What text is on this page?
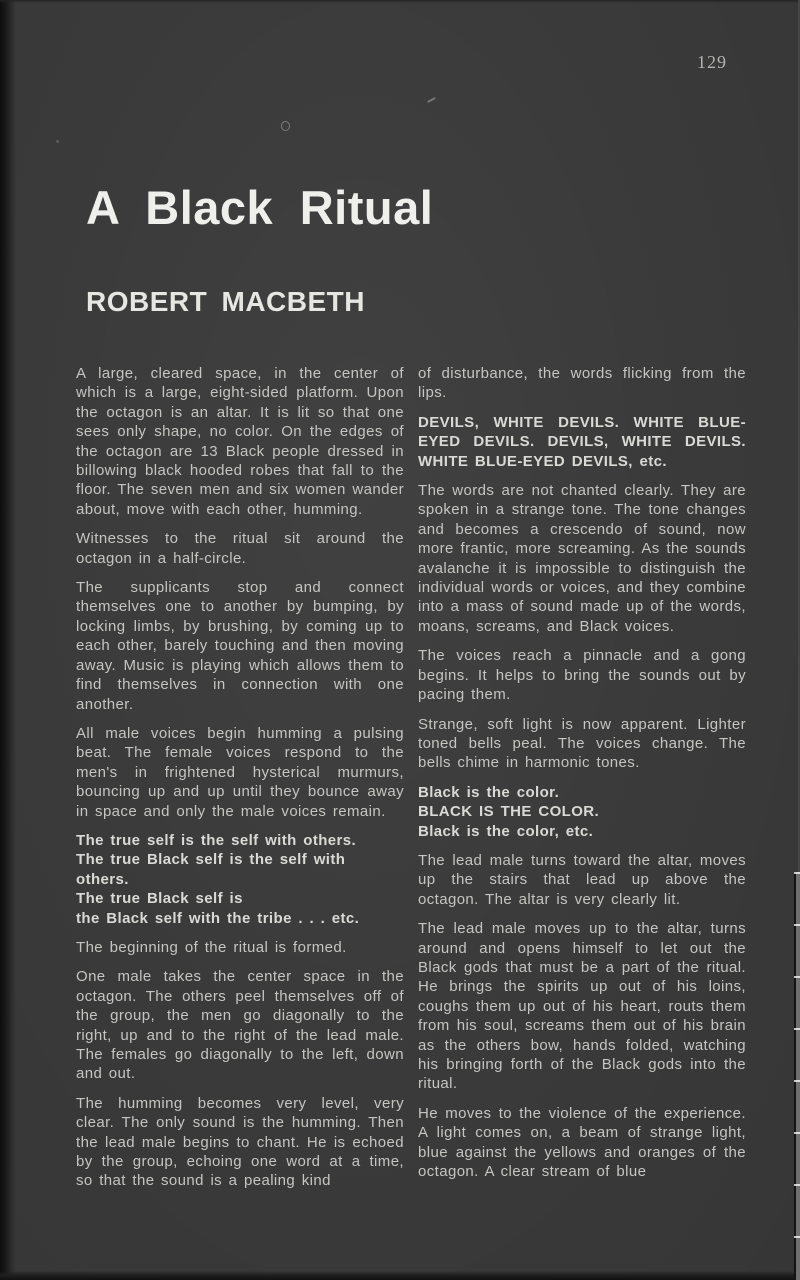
129
A Black Ritual
ROBERT MACBETH

A large, cleared space, in the center of which is a large, eight-sided platform. Upon the octagon is an altar. It is lit so that one sees only shape, no color. On the edges of the octagon are 13 Black people dressed in billowing black hooded robes that fall to the floor. The seven men and six women wander about, move with each other, humming.

Witnesses to the ritual sit around the octagon in a half-circle.

The supplicants stop and connect themselves one to another by bumping, by locking limbs, by brushing, by coming up to each other, barely touching and then moving away. Music is playing which allows them to find themselves in connection with one another.

All male voices begin humming a pulsing beat. The female voices respond to the men's in frightened hysterical murmurs, bouncing up and up until they bounce away in space and only the male voices remain.

The true self is the self with others.
The true Black self is the self with others.
The true Black self is
the Black self with the tribe . . . etc.

The beginning of the ritual is formed.

One male takes the center space in the octagon. The others peel themselves off of the group, the men go diagonally to the right, up and to the right of the lead male. The females go diagonally to the left, down and out.

The humming becomes very level, very clear. The only sound is the humming. Then the lead male begins to chant. He is echoed by the group, echoing one word at a time, so that the sound is a pealing kind

of disturbance, the words flicking from the lips.

DEVILS, WHITE DEVILS. WHITE BLUE-EYED DEVILS. DEVILS, WHITE DEVILS. WHITE BLUE-EYED DEVILS, etc.

The words are not chanted clearly. They are spoken in a strange tone. The tone changes and becomes a crescendo of sound, now more frantic, more screaming. As the sounds avalanche it is impossible to distinguish the individual words or voices, and they combine into a mass of sound made up of the words, moans, screams, and Black voices.

The voices reach a pinnacle and a gong begins. It helps to bring the sounds out by pacing them.

Strange, soft light is now apparent. Lighter toned bells peal. The voices change. The bells chime in harmonic tones.

Black is the color.
BLACK IS THE COLOR.
Black is the color, etc.

The lead male turns toward the altar, moves up the stairs that lead up above the octagon. The altar is very clearly lit.

The lead male moves up to the altar, turns around and opens himself to let out the Black gods that must be a part of the ritual. He brings the spirits up out of his loins, coughs them up out of his heart, routs them from his soul, screams them out of his brain as the others bow, hands folded, watching his bringing forth of the Black gods into the ritual.

He moves to the violence of the experience. A light comes on, a beam of strange light, blue against the yellows and oranges of the octagon. A clear stream of blue
